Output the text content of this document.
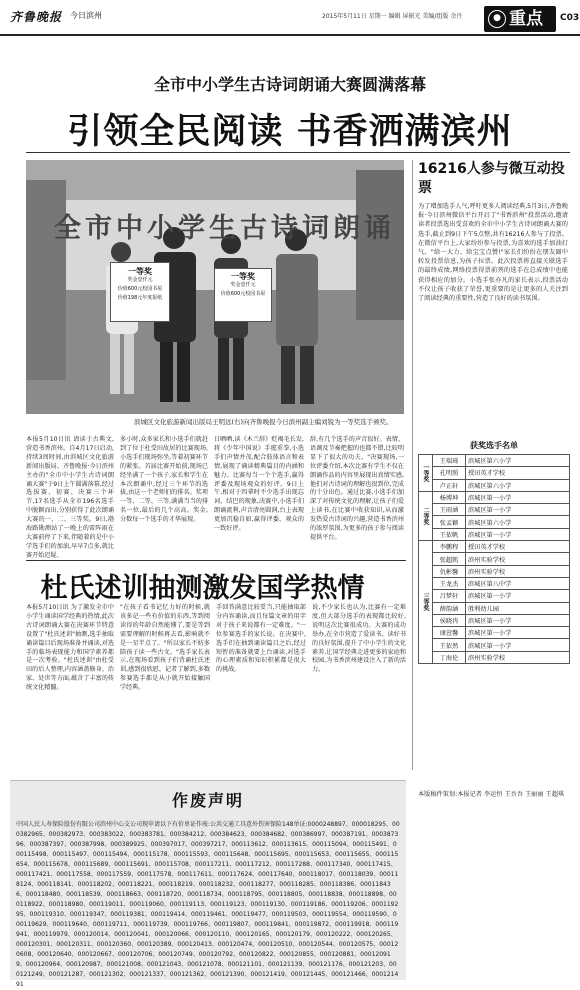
齐鲁晚报 今日滨州	2015年5月11日 星期一 编辑 屏振光 美编/组版 余丹	● 重点 C03
全市中小学生古诗词朗诵大赛圆满落幕
引领全民阅读 书香洒满滨州
全市中小学生古诗词朗诵
一等奖
奖金壹仟元
价值600元校园书屋
价值198元年度报纸
一等奖
奖金壹仟元
价值600元校园书屋
滨城区文化旅游新闻出版局王明远(右)向齐鲁晚报今日滨州副主编刘锐为一等奖选手颁奖。
本报5月10日讯 请读于古典文,营造书香滨州。自4月17日启动,持续3周时间,由滨城区文化旅游新闻出版局、齐鲁晚报·今日滨州主办的"全市中小学生古诗词朗诵大赛"于9日上午圆满落幕,经过选拔赛、初赛、决赛三个环节,17名选手从全市196名选手中脱颖而出,分别获得了此次朗诵大赛的一、二、三等奖。9日,渤海路勘测站了一晚上的雷阵雨在大赛前停了下来,伴随着的是中小学选手们的加油,早早7点多,就比赛开始迟疑。
多小时,众多家长和小选手们就赶到了位于杜受田故居的比赛现场,小选手们现场弥坐,等着初赛环节的紧张。首届比赛开始前,现场已经坐满了一个孩子,家长和学生在本次朗诵中,经过三个环节的选拔,由这一个老师们的排名。奖项一等、二等、三等,满满当当的排名一位,最后的几个高高。奖金,分数每一个选手的才华展现。
日晒晒,读《木兰辞》贬褐毛长发,将《少年中国说》手握重拳,小选手们声情并茂,配合肢体语言和表情,展现了诵读精典篇目的内涵和魅力。比赛每当一个个选手,赢得评委及现场观众的好评。9日上午,相对于四辈时不少选手出现忘词、结巴的现象,决赛中,小选手们朗诵流利,声音清亮圆润,台上表现更加沉稳自如,赢得评委、观众的一致好评。
辞,有几个选手的声音很好。表情、语调及节奏把握的也都不错,比较明显下了很大的功夫。"决赛现场,一位评委介绍,本次比赛有学生不仅在朗诵作品的内容里展现出真情实感,他们对古诗词的理解也很到位,完成的十分出色。通过比赛,小选手们加深了对传统文化的理解,让孩子们爱上读书,在比赛中收获知识,从而激发热爱古诗词的兴趣,营造书香滨州的浓厚氛围,为更多的孩子参与阅读提供平台。
16216人参与微互动投票
为了增加选手人气,呼吁更多人阅读经典,5月3日,齐鲁晚报·今日滨州微信平台开启了"书香滨州"投票活动,邀请读者投票选出受喜欢的全市中小学生古诗词朗诵大赛的选手,截止到9日下午5点整,共有16216人参与了投票。在微信平台上,大家纷纷参与投票,为喜欢的选手加油打气。"给一大力、给宝宝点赞!"家长们纷纷在朋友圈中转发投票信息,为孩子拉票。此次投票将直接关联选手的最终成绩,网络投票得票前列的选手在总成绩中也能获得相应的加分。小选手张亦凡的家长表示,投票活动不仅让孩子收获了荣誉,更重要的是让更多的人关注到了阅读经典的重要性,营造了良好的读书氛围。
获奖选手名单
一等奖	王瑞琦	滨城区第六小学
	孔明照	授田英才学校
	卢正轩	滨城区第六小学
二等奖	杨博坤	滨城区第一小学
	王雨涵	滨城区第一小学
	张孟颖	滨城区第六小学
	王依帆	滨城区第一小学
三等奖	李鹏程	授田英才学校
	张超凯	滨州实验学校
	仇彬馨	滨州实验学校
	王龙杰	滨城区第八中学
	吕梦轩	滨城区第一小学
	薛韵涵	胜利幼儿园
	侯晓冉	滨城区第一小学
	康萱馨	滨城区第一小学
	王依然	滨城区第一小学
	丁海伦	滨州实验学校
本版稿件策划:本报记者 李运恒 王吾吾 王丽丽 王超琪
杜氏述训抽测激发国学热情
本报5月10日讯 为了激发全市中小学生诵读国学经典的热情,此次古诗词朗诵大赛在决赛环节特意设置了"杜氏述训"抽测,选手抽取诵读篇目后现场准备并诵读,对选手的临场表现能力和国学素养都是一次考验。"杜氏述训"由杜受田的后人整理,内容涵盖修身、治家、处世等方面,蕴含了丰富的传统文化精髓。
"在孩子看书记忆力好的时候,就该多记一些有价值的东西,等到阅读得的年龄自然能懂了,要是等到需要理解的时候再去看,影响就不是一星半点了。"所以家长不妨多陪孩子读一些古文。"选手家长表示,在现场看到孩子们背诵杜氏述训,感到很欣慰。记者了解到,多数参赛选手都是从小就开始接触国学经典。
手回答满意比较妥当,只能抽取部分内容诵读,而且每篇文章的用字对于孩子来说都有一定难度。"一位参赛选手的家长说。在决赛中,选手们在抽到诵读篇目之后,经过短暂的准备就要上台诵读,对选手的心理素质和知识积累都是很大的挑战。
说,不少家长也认为,比赛有一定难度,但大部分选手的表现都比较好,说明这次比赛很成功。大赛的成功举办,在全市营造了爱读书、读好书的良好氛围,提升了中小学生的文化素养,让国学经典走进更多的家庭和校园,为书香滨州建设注入了新的活力。
作废声明
中国人民人寿保险股份有限公司滨州中心支公司现申请以下有价单证作废:公共交通工具意外伤害保险148单证:0000248897、000018295、000382965、000382973、000383022、000383781、000384212、000384623、000384682、000386997、000387191、000387396、000387397、000387998、000389925、000397017、000397217、000113612、000113615、000115094、000115491、000115498、000115497、000115494、000115178、000115593、000115648、000115695、000115653、000115655、000115654、000115678、000115689、000115691、000115708、000117211、000117212、000117288、000117340、000117415、000117421、000117558、000117559、000117578、000117611、000117624、000117640、000118017、000118039、000118124、000118141、000118202、000118221、000118219、000118232、000118277、000118285、000118386、000118436、000118480、000118539、000118663、000118720、000118734、000118795、000118805、000118838、000118898、000118922、000118980、000119011、000119060、000119113、000119123、000119130、000119186、000119206、000119295、000119310、000119347、000119381、000119414、000119461、000119477、000119503、000119554、000119590、000119629、000119640、000119711、000119739、000119766、000119807、000119841、000119872、000119918、000119941、000119979、000120014、000120041、000120066、000120110、000120165、000120179、000120222、000120265、000120301、000120311、000120360、000120389、000120413、000120474、000120510、000120544、000120575、000120608、000120640、000120667、000120706、000120749、000120792、000120822、000120855、000120881、000120919、000120964、000120987、000121008、000121043、000121078、000121101、000121139、000121176、000121203、000121249、000121287、000121302、000121337、000121362、000121390、000121419、000121445、000121466、000121491
